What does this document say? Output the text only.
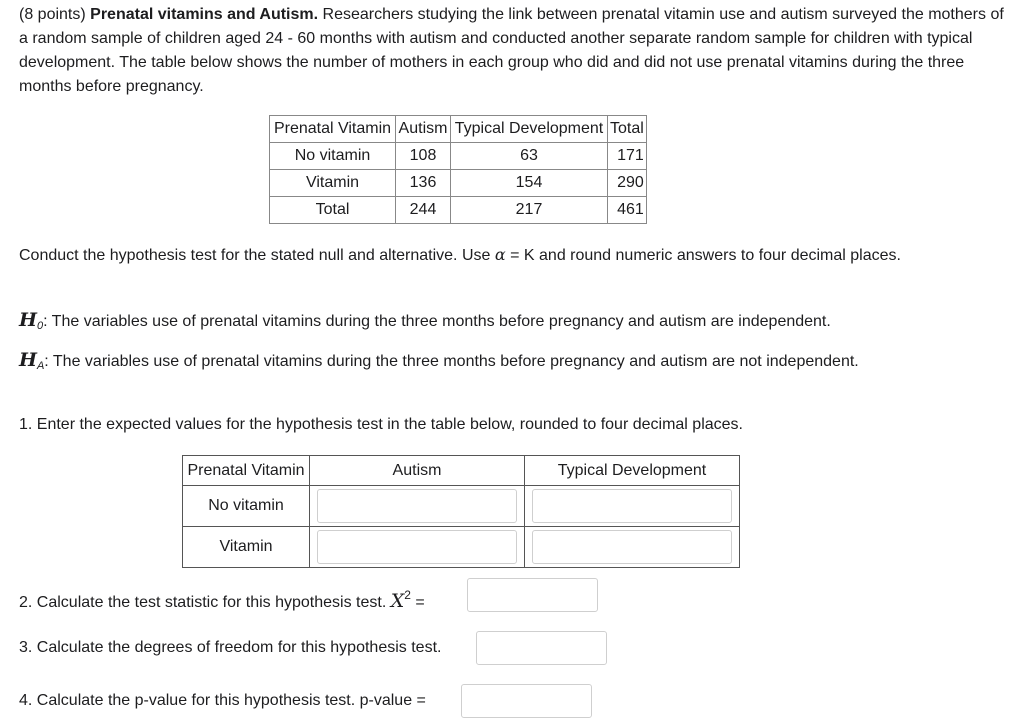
(8 points) Prenatal vitamins and Autism. Researchers studying the link between prenatal vitamin use and autism surveyed the mothers of a random sample of children aged 24 - 60 months with autism and conducted another separate random sample for children with typical development. The table below shows the number of mothers in each group who did and did not use prenatal vitamins during the three months before pregnancy.
Prenatal Vitamin	Autism	Typical Development	Total
No vitamin	108	63	171
Vitamin	136	154	290
Total	244	217	461
Conduct the hypothesis test for the stated null and alternative. Use α = K and round numeric answers to four decimal places.
$H_0$: The variables use of prenatal vitamins during the three months before pregnancy and autism are independent.
$H_A$: The variables use of prenatal vitamins during the three months before pregnancy and autism are not independent.
1. Enter the expected values for the hypothesis test in the table below, rounded to four decimal places.
Prenatal Vitamin	Autism	Typical Development
No vitamin	

Vitamin	

2. Calculate the test statistic for this hypothesis test. $X^2$ =
3. Calculate the degrees of freedom for this hypothesis test.
4. Calculate the p-value for this hypothesis test. p-value =
